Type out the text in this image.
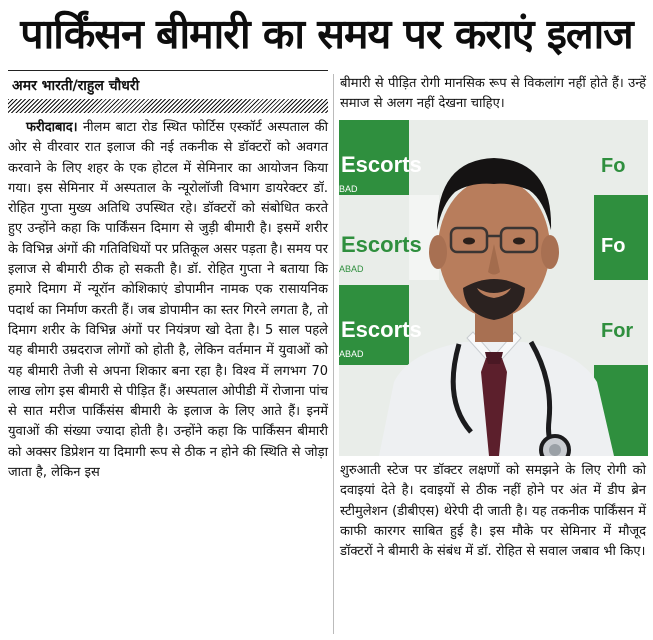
पार्किंसन बीमारी का समय पर कराएं इलाज
अमर भारती/राहुल चौधरी

फरीदाबाद। नीलम बाटा रोड स्थित फोर्टिस एस्कॉर्ट अस्पताल की ओर से वीरवार रात इलाज की नई तकनीक से डॉक्टरों को अवगत करवाने के लिए शहर के एक होटल में सेमिनार का आयोजन किया गया। इस सेमिनार में अस्पताल के न्यूरोलॉजी विभाग डायरेक्टर डॉ. रोहित गुप्ता मुख्य अतिथि उपस्थित रहे। डॉक्टरों को संबोधित करते हुए उन्होंने कहा कि पार्किंसन दिमाग से जुड़ी बीमारी है। इसमें शरीर के विभिन्न अंगों की गतिविधियों पर प्रतिकूल असर पड़ता है। समय पर इलाज से बीमारी ठीक हो सकती है। डॉ. रोहित गुप्ता ने बताया कि हमारे दिमाग में न्यूरॉन कोशिकाएं डोपामीन नामक एक रासायनिक पदार्थ का निर्माण करती हैं। जब डोपामीन का स्तर गिरने लगता है, तो दिमाग शरीर के विभिन्न अंगों पर नियंत्रण खो देता है। 5 साल पहले यह बीमारी उम्रदराज लोगों को होती है, लेकिन वर्तमान में युवाओं को यह बीमारी तेजी से अपना शिकार बना रहा है। विश्व में लगभग 70 लाख लोग इस बीमारी से पीड़ित हैं। अस्पताल ओपीडी में रोजाना पांच से सात मरीज पार्किंसंस बीमारी के इलाज के लिए आते हैं। इनमें युवाओं की संख्या ज्यादा होती है। उन्होंने कहा कि पार्किंसन बीमारी को अक्सर डिप्रेशन या दिमागी रूप से ठीक न होने की स्थिति से जोड़ा जाता है, लेकिन इस

बीमारी से पीड़ित रोगी मानसिक रूप से विकलांग नहीं होते हैं। उन्हें समाज से अलग नहीं देखना चाहिए।

Escorts
BAD
Escorts
ABAD
Escorts
ABAD
Fo
Fo
For

शुरुआती स्टेज पर डॉक्टर लक्षणों को समझने के लिए रोगी को दवाइयां देते है। दवाइयों से ठीक नहीं होने पर अंत में डीप ब्रेन स्टीमुलेशन (डीबीएस) थेरेपी दी जाती है। यह तकनीक पार्किंसन में काफी कारगर साबित हुई है। इस मौके पर सेमिनार में मौजूद डॉक्टरों ने बीमारी के संबंध में डॉ. रोहित से सवाल जबाव भी किए।
